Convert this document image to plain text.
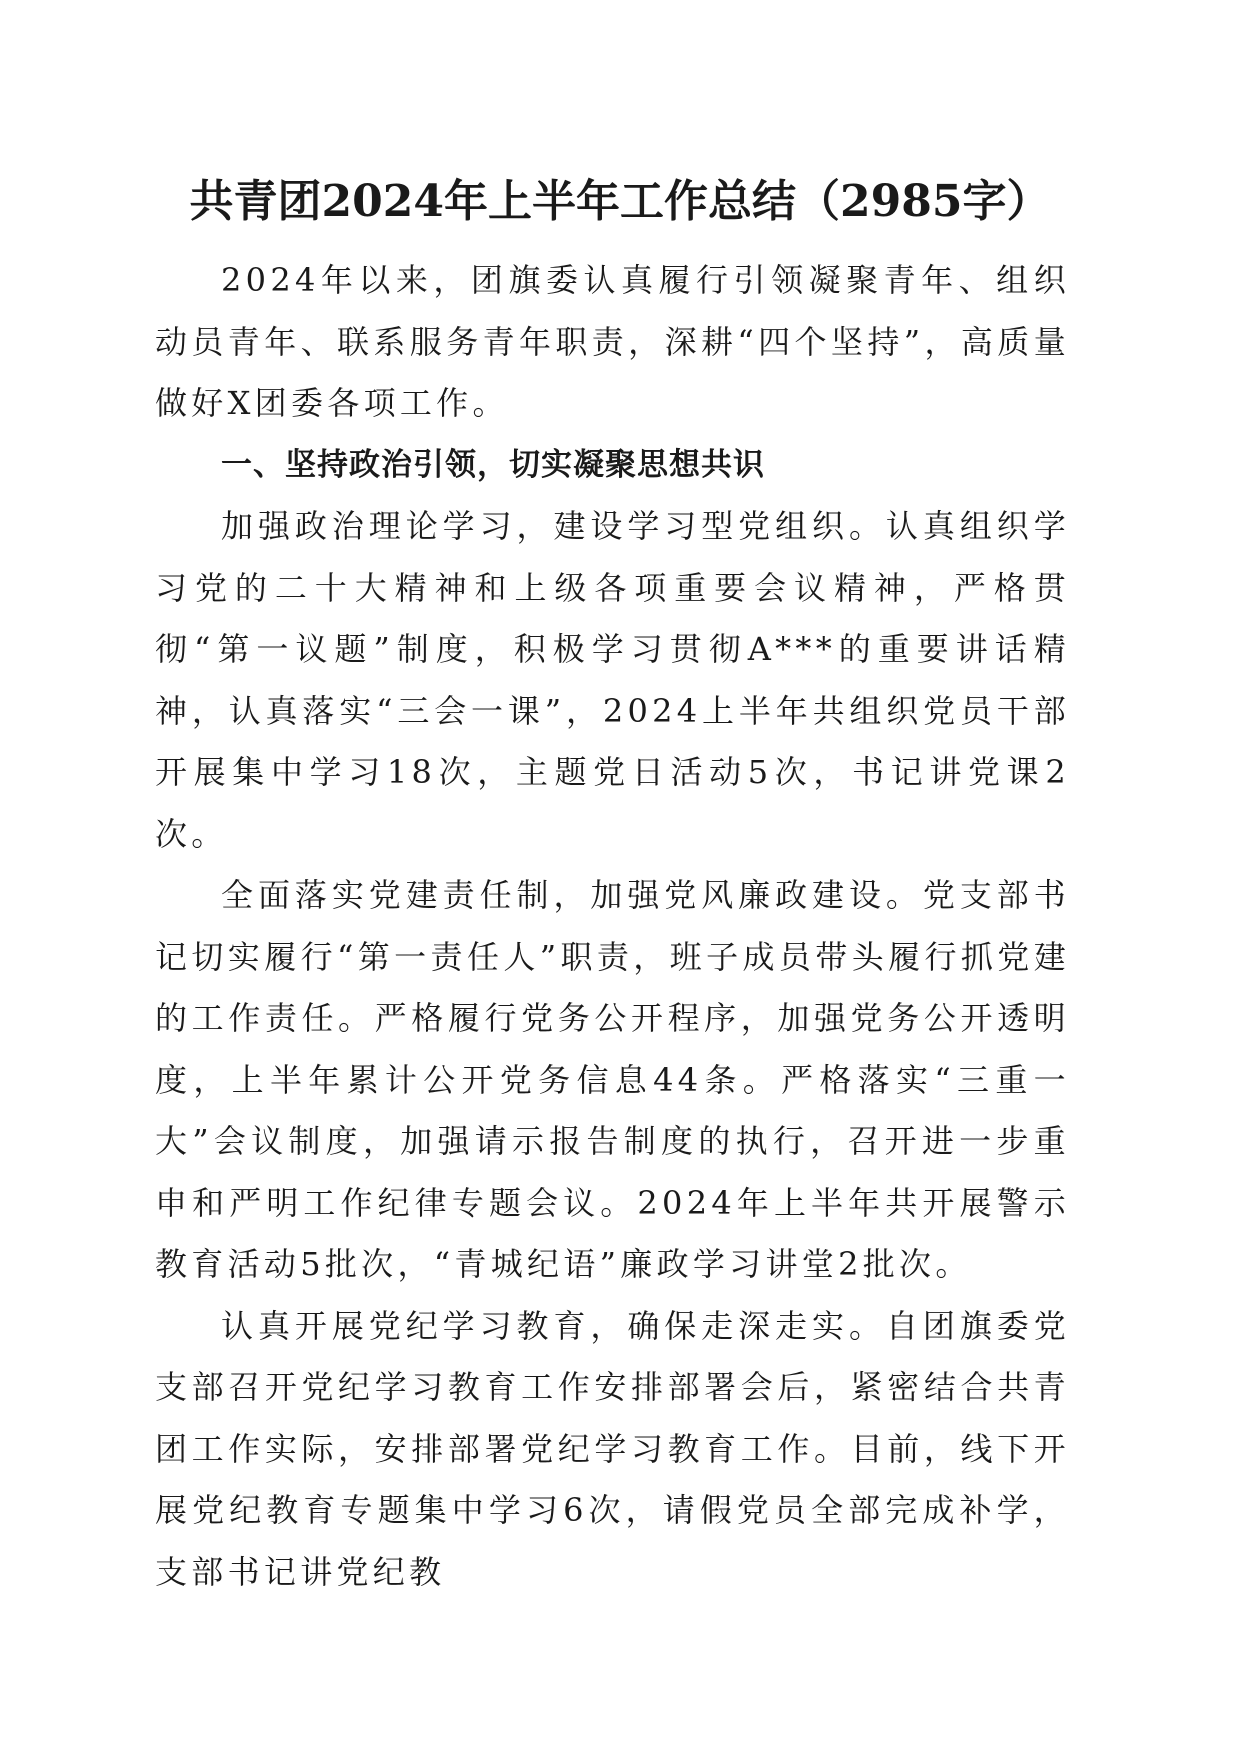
共青团2024年上半年工作总结（2985字）

2024年以来，团旗委认真履行引领凝聚青年、组织动员青年、联系服务青年职责，深耕“四个坚持”，高质量做好X团委各项工作。

一、坚持政治引领，切实凝聚思想共识

加强政治理论学习，建设学习型党组织。认真组织学习党的二十大精神和上级各项重要会议精神，严格贯彻“第一议题”制度，积极学习贯彻A***的重要讲话精神，认真落实“三会一课”，2024上半年共组织党员干部开展集中学习18次，主题党日活动5次，书记讲党课2次。

全面落实党建责任制，加强党风廉政建设。党支部书记切实履行“第一责任人”职责，班子成员带头履行抓党建的工作责任。严格履行党务公开程序，加强党务公开透明度，上半年累计公开党务信息44条。严格落实“三重一大”会议制度，加强请示报告制度的执行，召开进一步重申和严明工作纪律专题会议。2024年上半年共开展警示教育活动5批次，“青城纪语”廉政学习讲堂2批次。

认真开展党纪学习教育，确保走深走实。自团旗委党支部召开党纪学习教育工作安排部署会后，紧密结合共青团工作实际，安排部署党纪学习教育工作。目前，线下开展党纪教育专题集中学习6次，请假党员全部完成补学，支部书记讲党纪教
